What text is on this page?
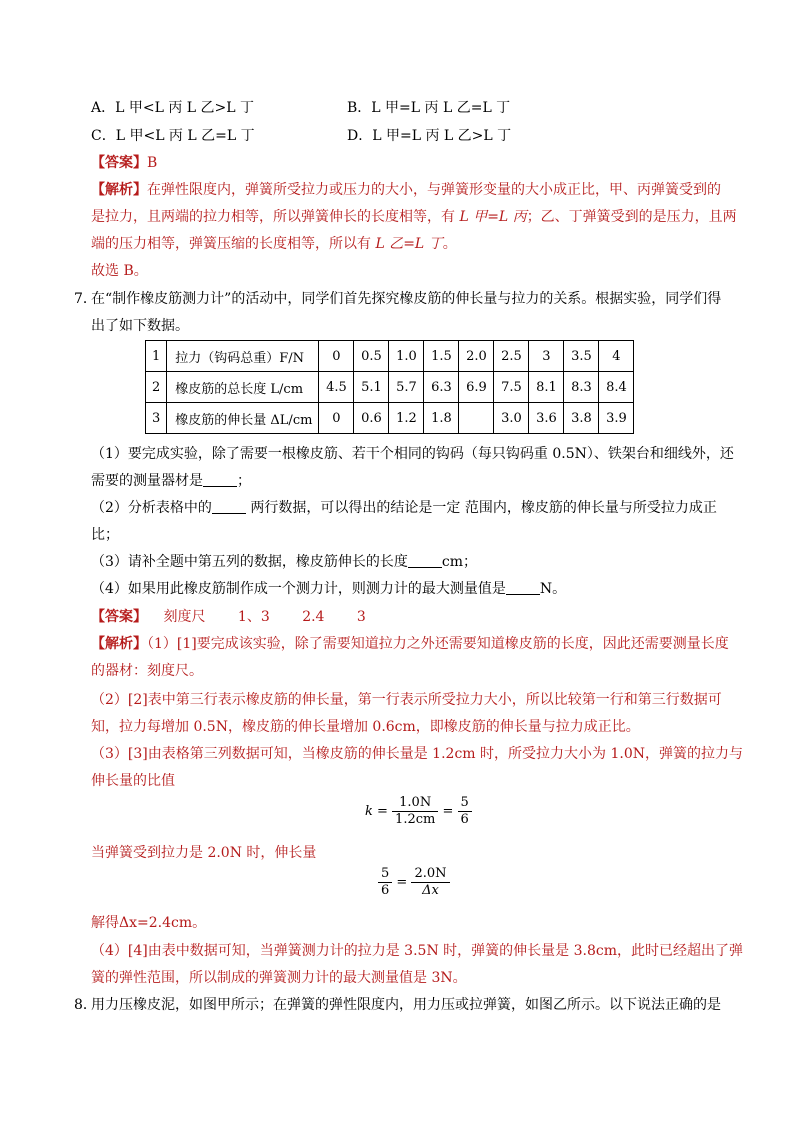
A．L 甲<L 丙 L 乙>L 丁	B．L 甲=L 丙 L 乙=L 丁
C．L 甲<L 丙 L 乙=L 丁	D．L 甲=L 丙 L 乙>L 丁
【答案】B
【解析】在弹性限度内，弹簧所受拉力或压力的大小，与弹簧形变量的大小成正比，甲、丙弹簧受到的
是拉力，且两端的拉力相等，所以弹簧伸长的长度相等，有 L 甲=L 丙；乙、丁弹簧受到的是压力，且两
端的压力相等，弹簧压缩的长度相等，所以有 L 乙=L 丁。
故选 B。
7．
在“制作橡皮筋测力计”的活动中，同学们首先探究橡皮筋的伸长量与拉力的关系。根据实验，同学们得
出了如下数据。
1	拉力（钩码总重）F/N	0	0.5	1.0	1.5	2.0	2.5	3	3.5	4
2	橡皮筋的总长度 L/cm	4.5	5.1	5.7	6.3	6.9	7.5	8.1	8.3	8.4
3	橡皮筋的伸长量 ΔL/cm	0	0.6	1.2	1.8		3.0	3.6	3.8	3.9
（1）要完成实验，除了需要一根橡皮筋、若干个相同的钩码（每只钩码重 0.5N）、铁架台和细线外，还
需要的测量器材是 ；
（2）分析表格中的 两行数据，可以得出的结论是一定 范围内，橡皮筋的伸长量与所受拉力成正
比；
（3）请补全题中第五列的数据，橡皮筋伸长的长度 cm；
（4）如果用此橡皮筋制作成一个测力计，则测力计的最大测量值是 N。
【答案】 刻度尺 1、3 2.4 3
【解析】（1）[1]要完成该实验，除了需要知道拉力之外还需要知道橡皮筋的长度，因此还需要测量长度
的器材：刻度尺。
（2）[2]表中第三行表示橡皮筋的伸长量，第一行表示所受拉力大小，所以比较第一行和第三行数据可
知，拉力每增加 0.5N，橡皮筋的伸长量增加 0.6cm，即橡皮筋的伸长量与拉力成正比。
（3）[3]由表格第三列数据可知，当橡皮筋的伸长量是 1.2cm 时，所受拉力大小为 1.0N，弹簧的拉力与
伸长量的比值
$k = \frac{1.0N}{1.2cm} = \frac{5}{6}$
当弹簧受到拉力是 2.0N 时，伸长量
$\frac{5}{6} = \frac{2.0N}{\Delta x}$
解得Δx=2.4cm。
（4）[4]由表中数据可知，当弹簧测力计的拉力是 3.5N 时，弹簧的伸长量是 3.8cm，此时已经超出了弹
簧的弹性范围，所以制成的弹簧测力计的最大测量值是 3N。
8．
用力压橡皮泥，如图甲所示；在弹簧的弹性限度内，用力压或拉弹簧，如图乙所示。以下说法正确的是
